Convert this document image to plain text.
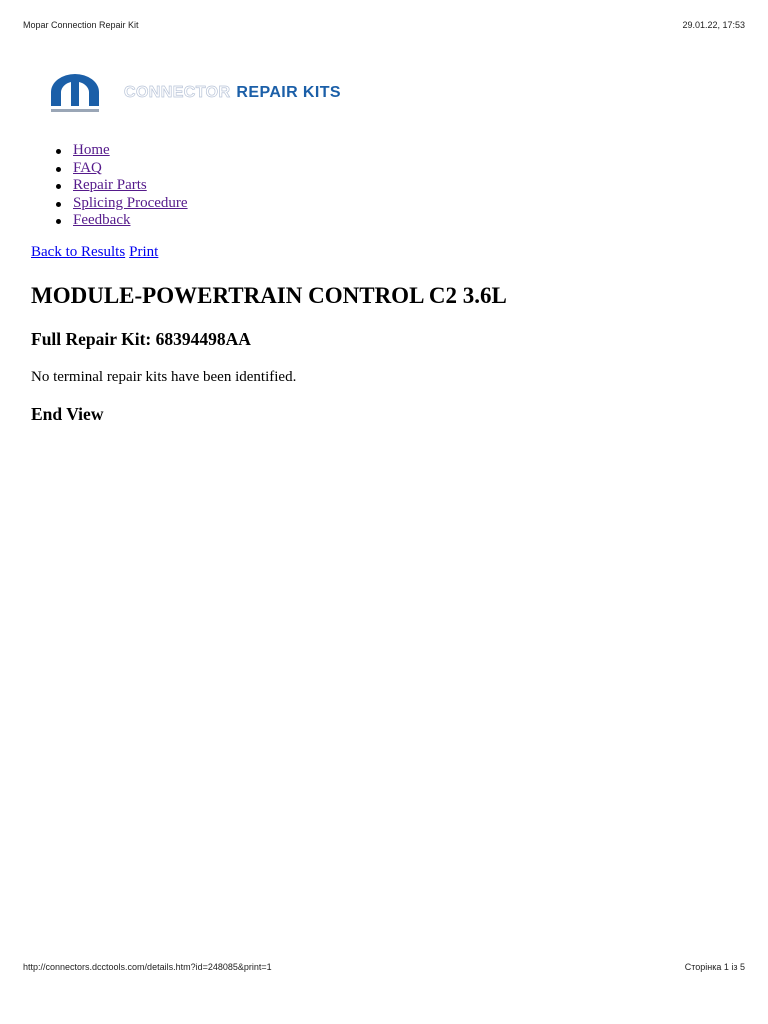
Mopar Connection Repair Kit	29.01.22, 17:53
CONNECTOR REPAIR KITS
Home
FAQ
Repair Parts
Splicing Procedure
Feedback
Back to Results Print
MODULE-POWERTRAIN CONTROL C2 3.6L
Full Repair Kit: 68394498AA

No terminal repair kits have been identified.

End View
http://connectors.dcctools.com/details.htm?id=248085&print=1	Сторінка 1 із 5
